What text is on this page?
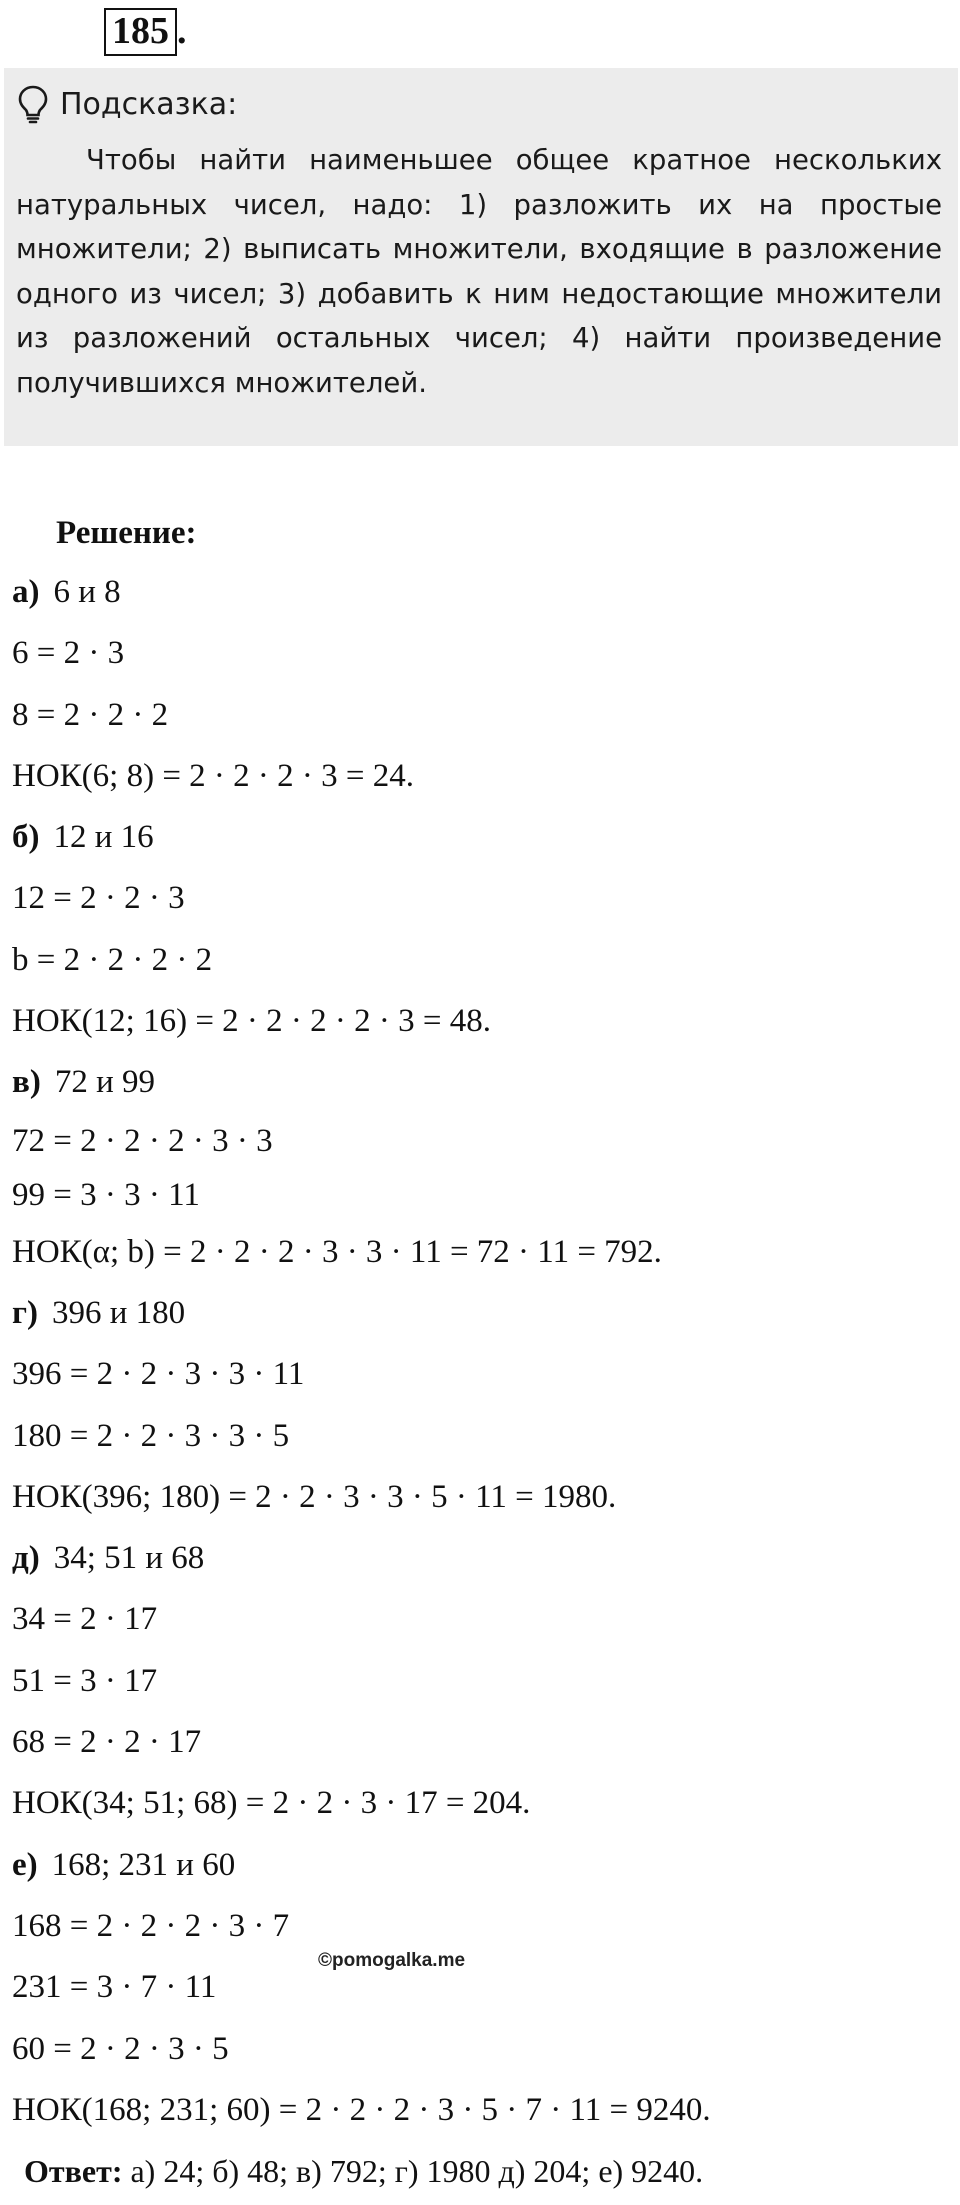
185 .
Подсказка:

Чтобы найти наименьшее общее кратное нескольких натуральных чисел, надо: 1) разложить их на простые множители; 2) выписать множители, входящие в разложение одного из чисел; 3) добавить к ним недостающие множители из разложений остальных чисел; 4) найти произведение получившихся множителей.

Решение:
а) 6 и 8
6 = 2 · 3
8 = 2 · 2 · 2
НОК(6; 8) = 2 · 2 · 2 · 3 = 24.
б) 12 и 16
12 = 2 · 2 · 3
b = 2 · 2 · 2 · 2
НОК(12; 16) = 2 · 2 · 2 · 2 · 3 = 48.
в) 72 и 99
72 = 2 · 2 · 2 · 3 · 3
99 = 3 · 3 · 11
НОК(α; b) = 2 · 2 · 2 · 3 · 3 · 11 = 72 · 11 = 792.
г) 396 и 180
396 = 2 · 2 · 3 · 3 · 11
180 = 2 · 2 · 3 · 3 · 5
НОК(396; 180) = 2 · 2 · 3 · 3 · 5 · 11 = 1980.
д) 34; 51 и 68
34 = 2 · 17
51 = 3 · 17
68 = 2 · 2 · 17
НОК(34; 51; 68) = 2 · 2 · 3 · 17 = 204.
е) 168; 231 и 60
168 = 2 · 2 · 2 · 3 · 7
231 = 3 · 7 · 11
60 = 2 · 2 · 3 · 5
НОК(168; 231; 60) = 2 · 2 · 2 · 3 · 5 · 7 · 11 = 9240.
Ответ: а) 24; б) 48; в) 792; г) 1980 д) 204; е) 9240.
©pomogalka.me
